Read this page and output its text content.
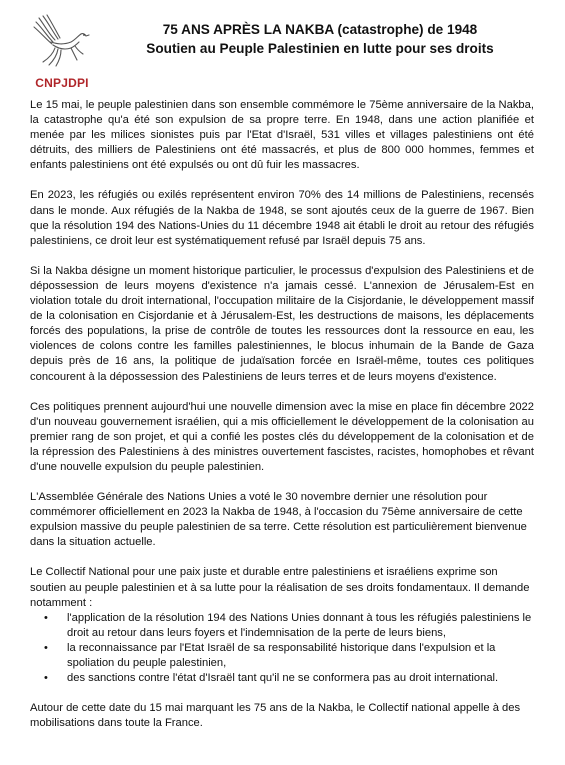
CNPJDPI
75 ANS APRÈS LA NAKBA (catastrophe) de 1948
Soutien au Peuple Palestinien en lutte pour ses droits

Le 15 mai, le peuple palestinien dans son ensemble commémore le 75ème anniversaire de la Nakba, la catastrophe qu'a été son expulsion de sa propre terre. En 1948, dans une action planifiée et menée par les milices sionistes puis par l'Etat d'Israël, 531 villes et villages palestiniens ont été détruits, des milliers de Palestiniens ont été massacrés, et plus de 800 000 hommes, femmes et enfants palestiniens ont été expulsés ou ont dû fuir les massacres.

En 2023, les réfugiés ou exilés représentent environ 70% des 14 millions de Palestiniens, recensés dans le monde. Aux réfugiés de la Nakba de 1948, se sont ajoutés ceux de la guerre de 1967. Bien que la résolution 194 des Nations-Unies du 11 décembre 1948 ait établi le droit au retour des réfugiés palestiniens, ce droit leur est systématiquement refusé par Israël depuis 75 ans.

Si la Nakba désigne un moment historique particulier, le processus d'expulsion des Palestiniens et de dépossession de leurs moyens d'existence n'a jamais cessé. L'annexion de Jérusalem-Est en violation totale du droit international, l'occupation militaire de la Cisjordanie, le développement massif de la colonisation en Cisjordanie et à Jérusalem-Est, les destructions de maisons, les déplacements forcés des populations, la prise de contrôle de toutes les ressources dont la ressource en eau, les violences de colons contre les familles palestiniennes, le blocus inhumain de la Bande de Gaza depuis près de 16 ans, la politique de judaïsation forcée en Israël-même, toutes ces politiques concourent à la dépossession des Palestiniens de leurs terres et de leurs moyens d'existence.

Ces politiques prennent aujourd'hui une nouvelle dimension avec la mise en place fin décembre 2022 d'un nouveau gouvernement israélien, qui a mis officiellement le développement de la colonisation au premier rang de son projet, et qui a confié les postes clés du développement de la colonisation et de la répression des Palestiniens à des ministres ouvertement fascistes, racistes, homophobes et rêvant d'une nouvelle expulsion du peuple palestinien.

L'Assemblée Générale des Nations Unies a voté le 30 novembre dernier une résolution pour commémorer officiellement en 2023 la Nakba de 1948, à l'occasion du 75ème anniversaire de cette expulsion massive du peuple palestinien de sa terre. Cette résolution est particulièrement bienvenue dans la situation actuelle.

Le Collectif National pour une paix juste et durable entre palestiniens et israéliens exprime son soutien au peuple palestinien et à sa lutte pour la réalisation de ses droits fondamentaux. Il demande notamment :

• l'application de la résolution 194 des Nations Unies donnant à tous les réfugiés palestiniens le droit au retour dans leurs foyers et l'indemnisation de la perte de leurs biens,
• la reconnaissance par l'Etat Israël de sa responsabilité historique dans l'expulsion et la spoliation du peuple palestinien,
• des sanctions contre l'état d'Israël tant qu'il ne se conformera pas au droit international.

Autour de cette date du 15 mai marquant les 75 ans de la Nakba, le Collectif national appelle à des mobilisations dans toute la France.
